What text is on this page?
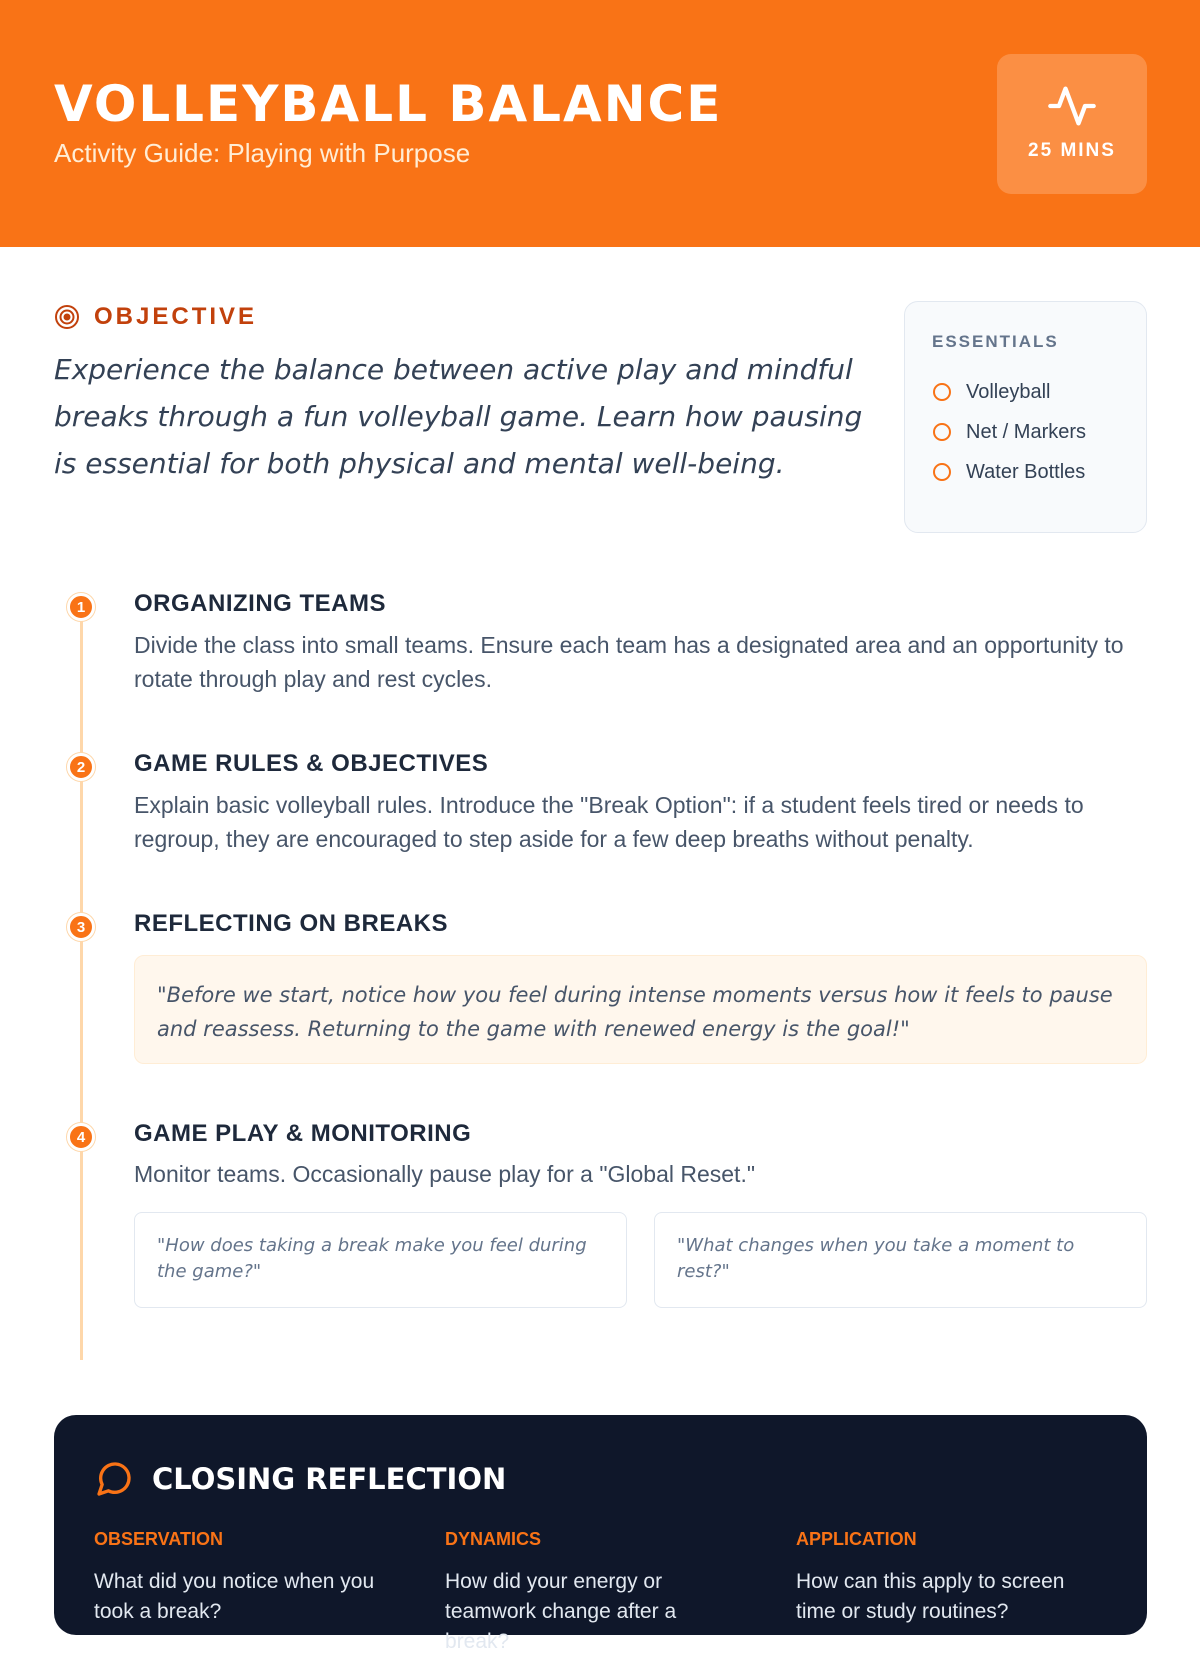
VOLLEYBALL BALANCE
Activity Guide: Playing with Purpose	25 MINS
OBJECTIVE

Experience the balance between active play and mindful breaks through a fun volleyball game. Learn how pausing is essential for both physical and mental well-being.

ESSENTIALS
Volleyball
Net / Markers
Water Bottles
1	ORGANIZING TEAMS

Divide the class into small teams. Ensure each team has a designated area and an opportunity to rotate through play and rest cycles.

2	GAME RULES & OBJECTIVES

Explain basic volleyball rules. Introduce the "Break Option": if a student feels tired or needs to regroup, they are encouraged to step aside for a few deep breaths without penalty.

3	REFLECTING ON BREAKS
"Before we start, notice how you feel during intense moments versus how it feels to pause and reassess. Returning to the game with renewed energy is the goal!"
4	GAME PLAY & MONITORING

Monitor teams. Occasionally pause play for a "Global Reset."

"How does taking a break make you feel during the game?"
"What changes when you take a moment to rest?"
CLOSING REFLECTION
OBSERVATION
What did you notice when you took a break?
DYNAMICS
How did your energy or teamwork change after a break?
APPLICATION
How can this apply to screen time or study routines?
